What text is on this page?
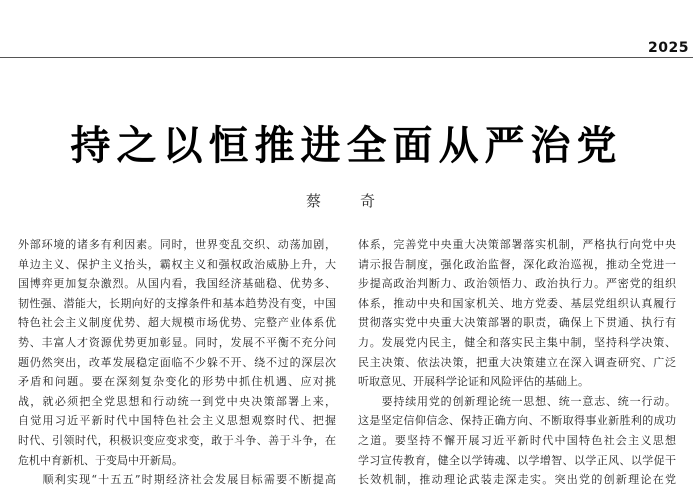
2025
持之以恒推进全面从严治党
蔡　奇
外部环境的诸多有利因素。同时，世界变乱交织、动荡加剧，
单边主义、保护主义抬头，霸权主义和强权政治威胁上升，大
国博弈更加复杂激烈。从国内看，我国经济基础稳、优势多、
韧性强、潜能大，长期向好的支撑条件和基本趋势没有变，中国
特色社会主义制度优势、超大规模市场优势、完整产业体系优
势、丰富人才资源优势更加彰显。同时，发展不平衡不充分问
题仍然突出，改革发展稳定面临不少躲不开、绕不过的深层次
矛盾和问题。要在深刻复杂变化的形势中抓住机遇、应对挑
战，就必须把全党思想和行动统一到党中央决策部署上来，
自觉用习近平新时代中国特色社会主义思想观察时代、把握
时代、引领时代，积极识变应变求变，敢于斗争、善于斗争，在
危机中育新机、于变局中开新局。
　　顺利实现“十五五”时期经济社会发展目标需要不断提高
体系，完善党中央重大决策部署落实机制，严格执行向党中央
请示报告制度，强化政治监督，深化政治巡视，推动全党进一
步提高政治判断力、政治领悟力、政治执行力。严密党的组织
体系，推动中央和国家机关、地方党委、基层党组织认真履行
贯彻落实党中央重大决策部署的职责，确保上下贯通、执行有
力。发展党内民主，健全和落实民主集中制，坚持科学决策、
民主决策、依法决策，把重大决策建立在深入调查研究、广泛
听取意见、开展科学论证和风险评估的基础上。
　　要持续用党的创新理论统一思想、统一意志、统一行动。
这是坚定信仰信念、保持正确方向、不断取得事业新胜利的成功
之道。要坚持不懈开展习近平新时代中国特色社会主义思想
学习宣传教育，健全以学铸魂、以学增智、以学正风、以学促干
长效机制，推动理论武装走深走实。突出党的创新理论在党
